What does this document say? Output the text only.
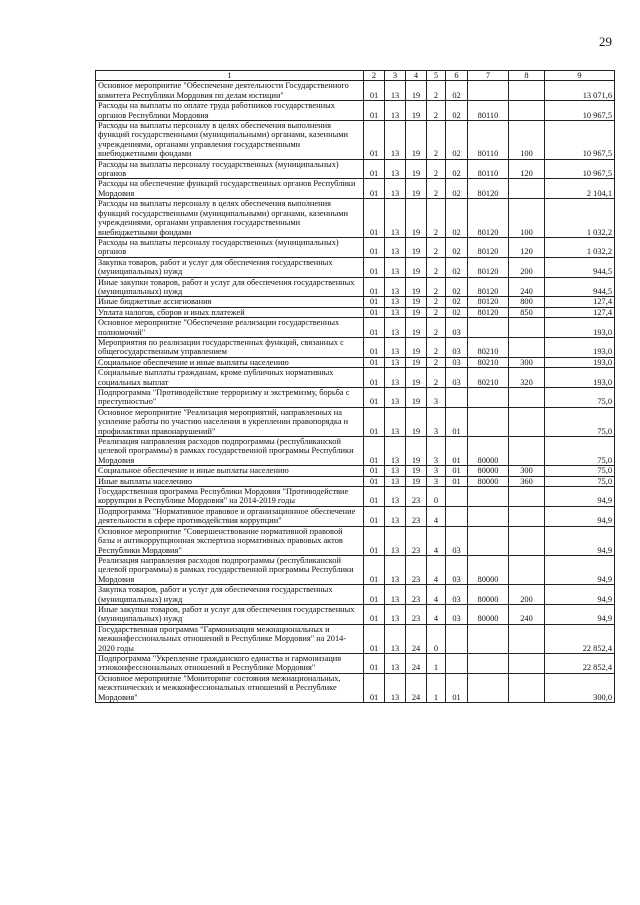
29
1	2	3	4	5	6	7	8	9
Основное мероприятие "Обеспечение деятельности Государственного комитета Республики Мордовия по делам юстиции"	01	13	19	2	02			13 071,6
Расходы на выплаты по оплате труда работников государственных органов Республики Мордовия	01	13	19	2	02	80110		10 967,5
Расходы на выплаты персоналу в целях обеспечения выполнения функций государственными (муниципальными) органами, казенными учреждениями, органами управления государственными внебюджетными фондами	01	13	19	2	02	80110	100	10 967,5
Расходы на выплаты персоналу государственных (муниципальных) органов	01	13	19	2	02	80110	120	10 967,5
Расходы на обеспечение функций государственных органов Республики Мордовия	01	13	19	2	02	80120		2 104,1
Расходы на выплаты персоналу в целях обеспечения выполнения функций государственными (муниципальными) органами, казенными учреждениями, органами управления государственными внебюджетными фондами	01	13	19	2	02	80120	100	1 032,2
Расходы на выплаты персоналу государственных (муниципальных) органов	01	13	19	2	02	80120	120	1 032,2
Закупка товаров, работ и услуг для обеспечения государственных (муниципальных) нужд	01	13	19	2	02	80120	200	944,5
Иные закупки товаров, работ и услуг для обеспечения государственных (муниципальных) нужд	01	13	19	2	02	80120	240	944,5
Иные бюджетные ассигнования	01	13	19	2	02	80120	800	127,4
Уплата налогов, сборов и иных платежей	01	13	19	2	02	80120	850	127,4
Основное мероприятие "Обеспечение реализации государственных полномочий"	01	13	19	2	03			193,0
Мероприятия по реализации государственных функций, связанных с общегосударственным управлением	01	13	19	2	03	80210		193,0
Социальное обеспечение и иные выплаты населению	01	13	19	2	03	80210	300	193,0
Социальные выплаты гражданам, кроме публичных нормативных социальных выплат	01	13	19	2	03	80210	320	193,0
Подпрограмма "Противодействие терроризму и экстремизму, борьба с преступностью"	01	13	19	3				75,0
Основное мероприятие "Реализация мероприятий, направленных на усиление работы по участию населения в укреплении правопорядка и профилактики правонарушений"	01	13	19	3	01			75,0
Реализация направления расходов подпрограммы (республиканской целевой программы) в рамках государственной программы Республики Мордовия	01	13	19	3	01	80000		75,0
Социальное обеспечение и иные выплаты населению	01	13	19	3	01	80000	300	75,0
Иные выплаты населению	01	13	19	3	01	80000	360	75,0
Государственная программа Республики Мордовия "Противодействие коррупции в Республике Мордовия" на 2014-2019 годы	01	13	23	0				94,9
Подпрограмма "Нормативное правовое и организационное обеспечение деятельности в сфере противодействия коррупции"	01	13	23	4				94,9
Основное мероприятие "Совершенствование нормативной правовой базы и антикоррупционная экспертиза нормативных правовых актов Республики Мордовия"	01	13	23	4	03			94,9
Реализация направления расходов подпрограммы (республиканской целевой программы) в рамках государственной программы Республики Мордовия	01	13	23	4	03	80000		94,9
Закупка товаров, работ и услуг для обеспечения государственных (муниципальных) нужд	01	13	23	4	03	80000	200	94,9
Иные закупки товаров, работ и услуг для обеспечения государственных (муниципальных) нужд	01	13	23	4	03	80000	240	94,9
Государственная программа "Гармонизация межнациональных и межконфессиональных отношений в Республике Мордовия" на 2014-2020 годы	01	13	24	0				22 852,4
Подпрограмма "Укрепление гражданского единства и гармонизация этноконфессиональных отношений в Республике Мордовия"	01	13	24	1				22 852,4
Основное мероприятие "Мониторинг состояния межнациональных, межэтнических и межконфессиональных отношений в Республике Мордовия"	01	13	24	1	01			300,0
